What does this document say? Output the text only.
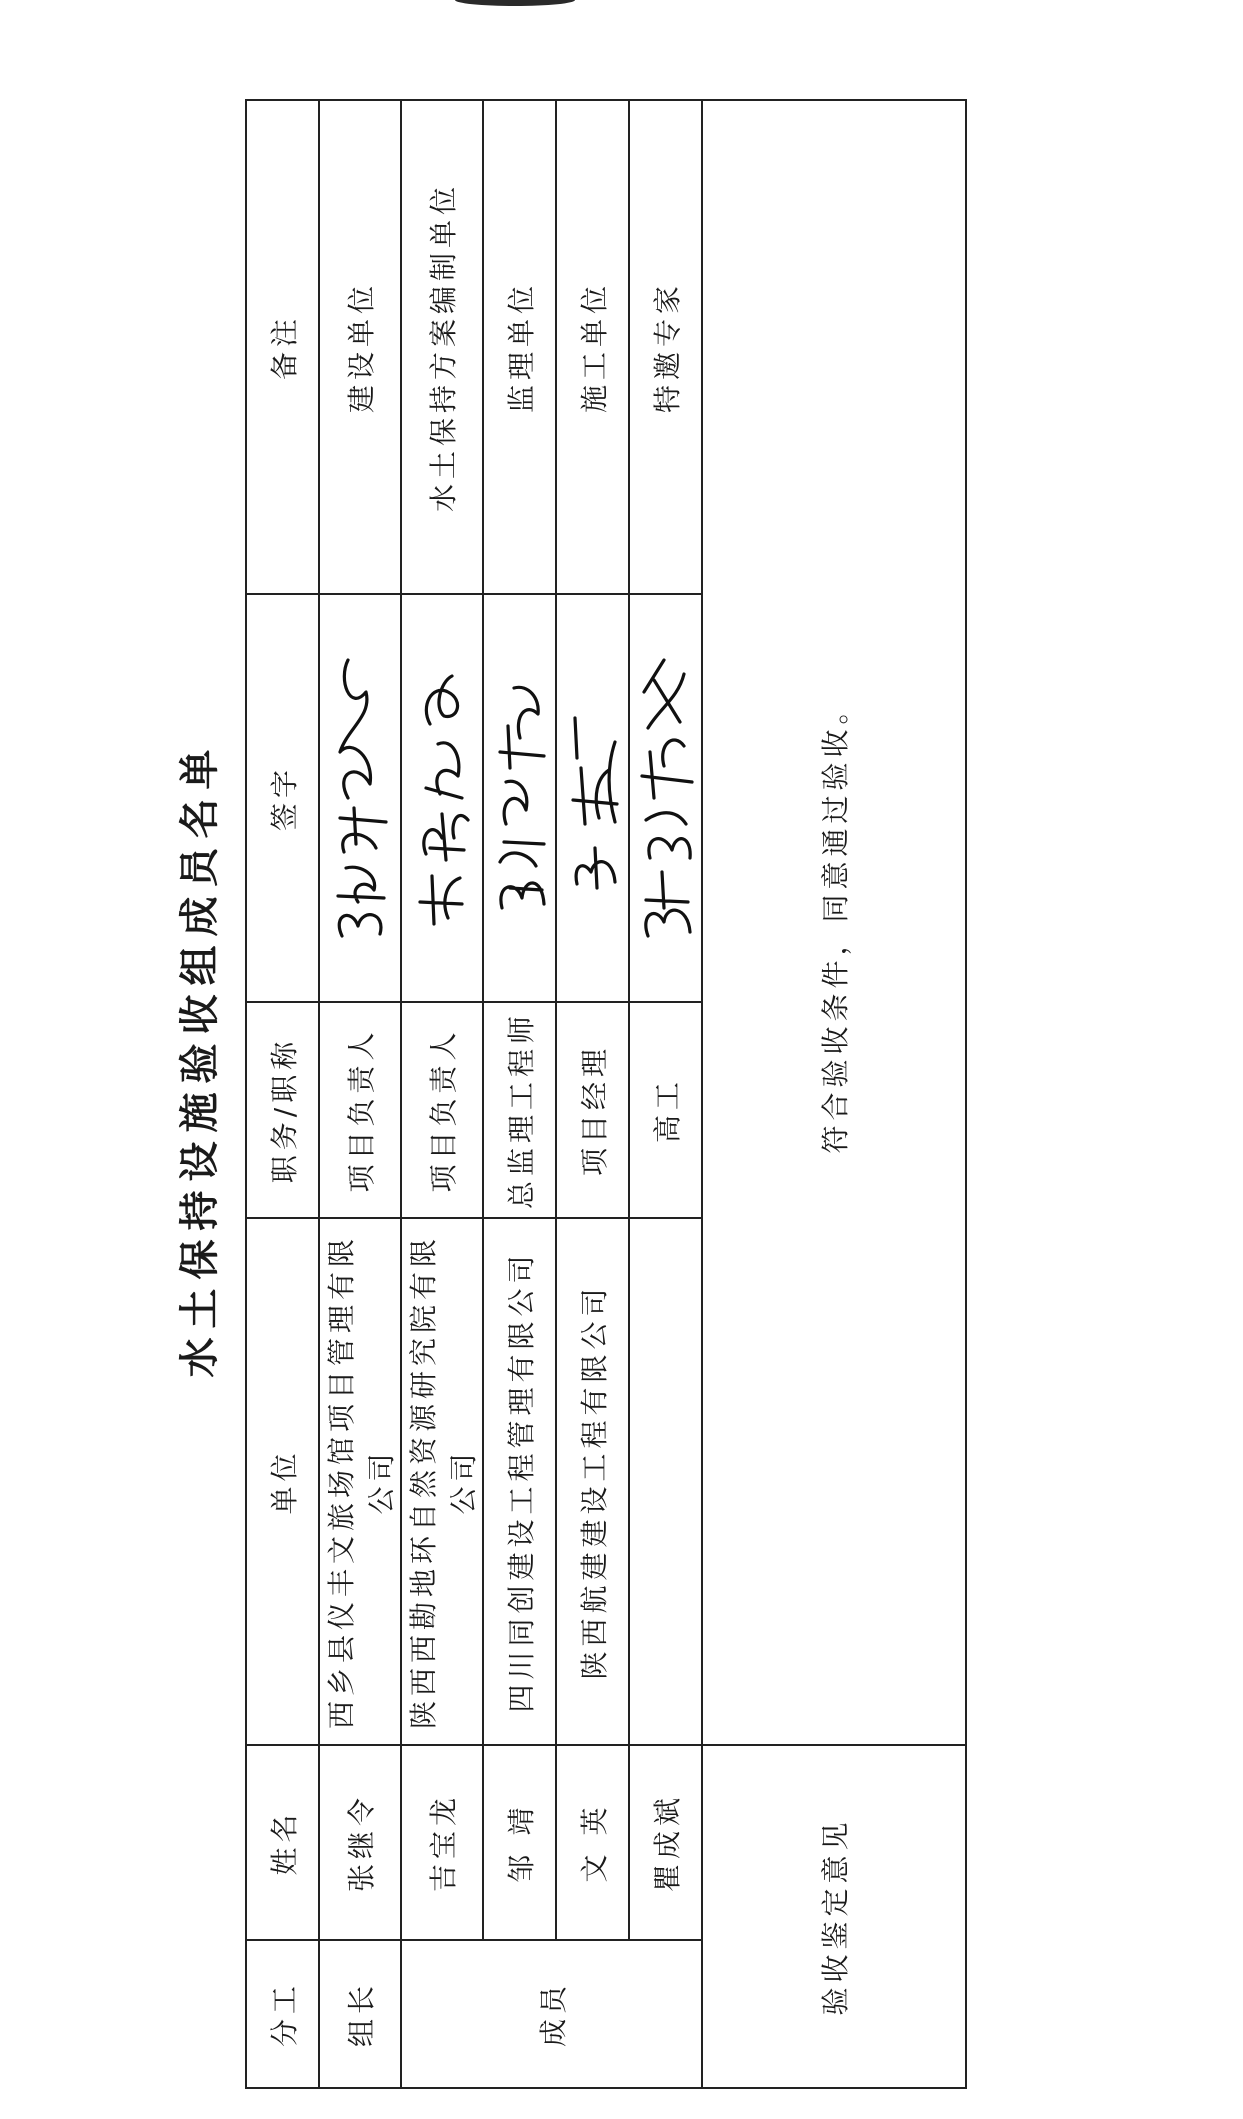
水土保持设施验收组成员名单
分工	姓名	单位	职务/职称	签字	备注
组长	张继令	西乡县仪丰文旅场馆项目管理有限公司	项目负责人		建设单位
成员	吉宝龙	陕西西勘地环自然资源研究院有限公司	项目负责人		水土保持方案编制单位
	邹 靖	四川同创建设工程管理有限公司	总监理工程师		监理单位
	文 英	陕西航建建设工程有限公司	项目经理		施工单位
	瞿成斌		高工		特邀专家
验收鉴定意见		符合验收条件，同意通过验收。			
